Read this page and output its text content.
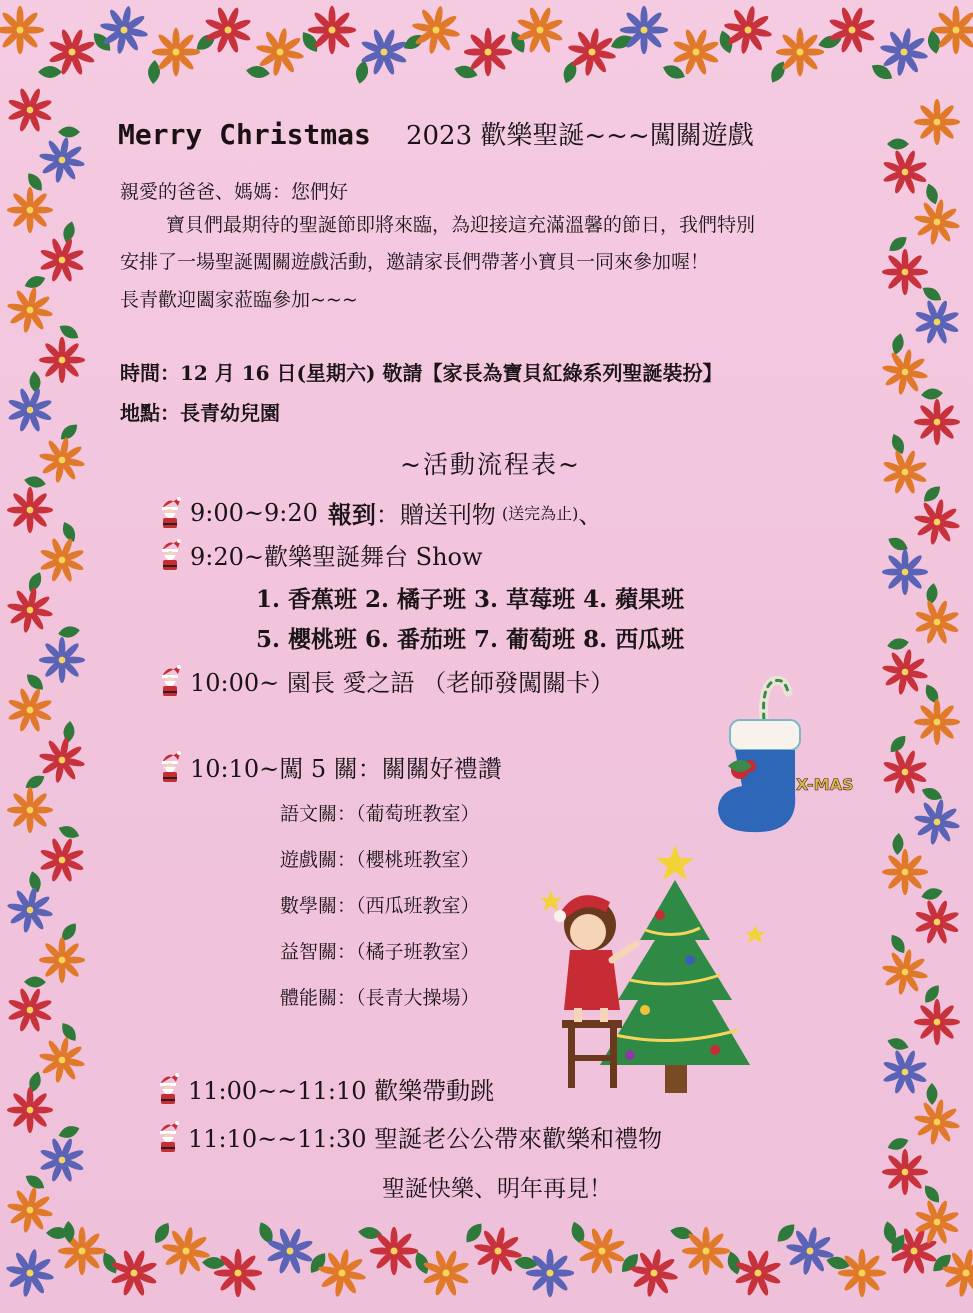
Merry Christmas 2023 歡樂聖誕~~~闖關遊戲
親愛的爸爸、媽媽：您們好
寶貝們最期待的聖誕節即將來臨，為迎接這充滿溫馨的節日，我們特別
安排了一場聖誕闖關遊戲活動，邀請家長們帶著小寶貝一同來參加喔！
長青歡迎闔家蒞臨參加~~~
時間：12 月 16 日(星期六) 敬請【家長為寶貝紅綠系列聖誕裝扮】
地點：長青幼兒園
~活動流程表~
9:00~9:20 報到 ：贈送刊物 (送完為止) 、
9:20~歡樂聖誕舞台 Show
1. 香蕉班 2. 橘子班 3. 草莓班 4. 蘋果班
5. 櫻桃班 6. 番茄班 7. 葡萄班 8. 西瓜班
10:00~ 園長 愛之語 （老師發闖關卡）
10:10~闖 5 關：關關好禮讚
語文關：（葡萄班教室）
遊戲關：（櫻桃班教室）
數學關：（西瓜班教室）
益智關：（橘子班教室）
體能關：（長青大操場）
11:00~~11:10 歡樂帶動跳
11:10~~11:30 聖誕老公公帶來歡樂和禮物
聖誕快樂、明年再見！
X-MAS
